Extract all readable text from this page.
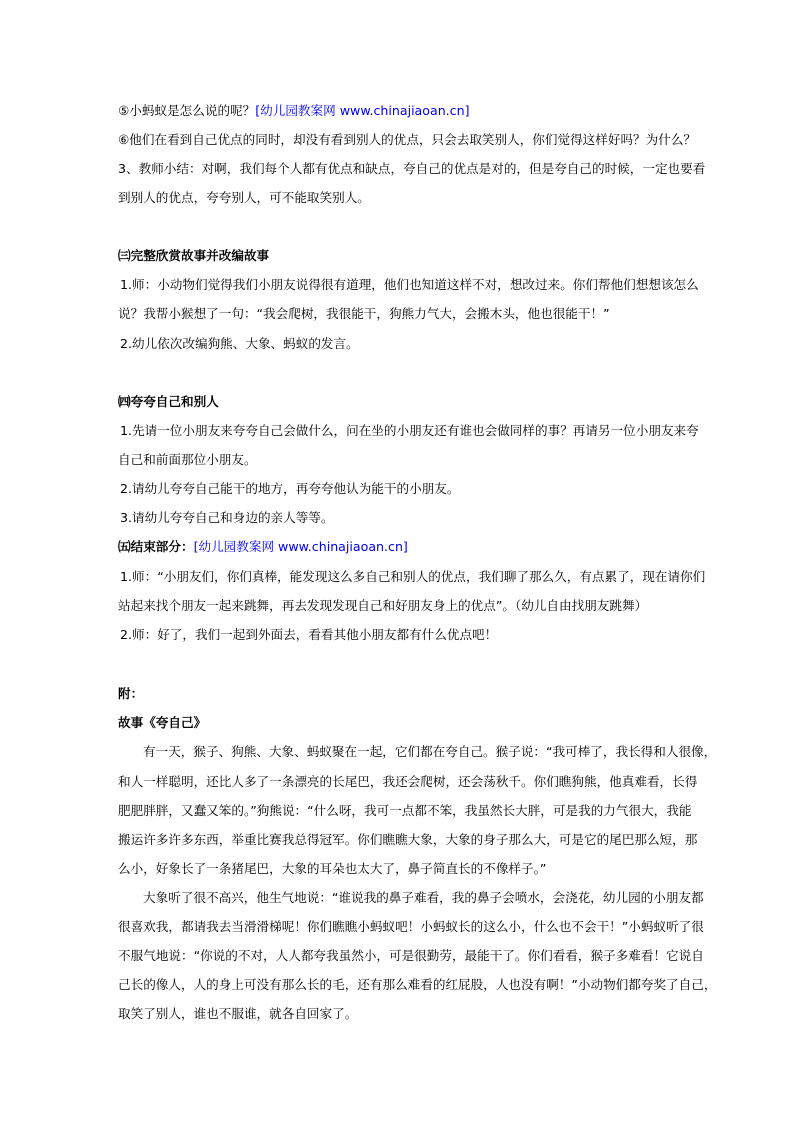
⑤小蚂蚁是怎么说的呢？[幼儿园教案网 www.chinajiaoan.cn]
⑥他们在看到自己优点的同时，却没有看到别人的优点，只会去取笑别人，你们觉得这样好吗？为什么？
3、教师小结：对啊，我们每个人都有优点和缺点，夸自己的优点是对的，但是夸自己的时候，一定也要看
到别人的优点，夸夸别人，可不能取笑别人。
㈢完整欣赏故事并改编故事
1.师：小动物们觉得我们小朋友说得很有道理，他们也知道这样不对，想改过来。你们帮他们想想该怎么
说？我帮小猴想了一句：“我会爬树，我很能干，狗熊力气大，会搬木头，他也很能干！”
2.幼儿依次改编狗熊、大象、蚂蚁的发言。
㈣夸夸自己和别人
1.先请一位小朋友来夸夸自己会做什么，问在坐的小朋友还有谁也会做同样的事？再请另一位小朋友来夸
自己和前面那位小朋友。
2.请幼儿夸夸自己能干的地方，再夸夸他认为能干的小朋友。
3.请幼儿夸夸自己和身边的亲人等等。
㈤结束部分：[幼儿园教案网 www.chinajiaoan.cn]
1.师：“小朋友们，你们真棒，能发现这么多自己和别人的优点，我们聊了那么久，有点累了，现在请你们
站起来找个朋友一起来跳舞，再去发现发现自己和好朋友身上的优点”。（幼儿自由找朋友跳舞）
2.师：好了，我们一起到外面去，看看其他小朋友都有什么优点吧！
附：
故事《夸自己》
有一天，猴子、狗熊、大象、蚂蚁聚在一起，它们都在夸自己。猴子说：“我可棒了，我长得和人很像，
和人一样聪明，还比人多了一条漂亮的长尾巴，我还会爬树，还会荡秋千。你们瞧狗熊，他真难看，长得
肥肥胖胖，又蠢又笨的。”狗熊说：“什么呀，我可一点都不笨，我虽然长大胖，可是我的力气很大，我能
搬运许多许多东西，举重比赛我总得冠军。你们瞧瞧大象，大象的身子那么大，可是它的尾巴那么短，那
么小，好象长了一条猪尾巴，大象的耳朵也太大了，鼻子简直长的不像样子。”
大象听了很不高兴，他生气地说：“谁说我的鼻子难看，我的鼻子会喷水，会浇花，幼儿园的小朋友都
很喜欢我，都请我去当滑滑梯呢！你们瞧瞧小蚂蚁吧！小蚂蚁长的这么小，什么也不会干！”小蚂蚁听了很
不服气地说：“你说的不对，人人都夸我虽然小，可是很勤劳，最能干了。你们看看，猴子多难看！它说自
己长的像人，人的身上可没有那么长的毛，还有那么难看的红屁股，人也没有啊！”小动物们都夸奖了自己，
取笑了别人，谁也不服谁，就各自回家了。
